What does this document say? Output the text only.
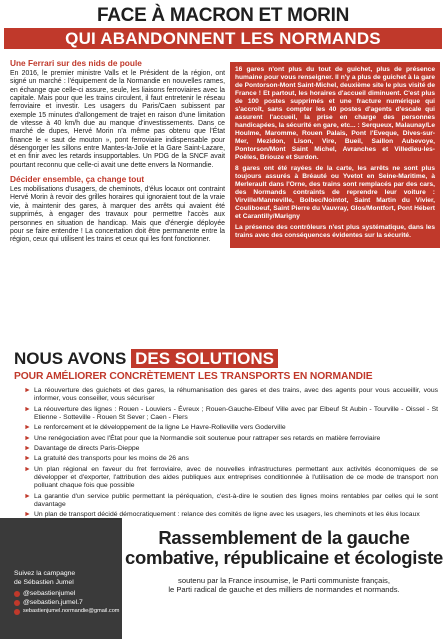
FACE À MACRON ET MORIN
QUI ABANDONNENT LES NORMANDS
Une Ferrari sur des nids de poule

En 2016, le premier ministre Valls et le Président de la région, ont signé un marché : l'équipement de la Normandie en nouvelles rames, en échange que celle-ci assure, seule, les liaisons ferroviaires avec la capitale. Mais pour que les trains circulent, il faut entretenir le réseau ferroviaire et investir. Les usagers du Paris/Caen subissent par exemple 15 minutes d'allongement de trajet en raison d'une limitation de vitesse à 40 km/h due au manque d'investissements. Dans ce marché de dupes, Hervé Morin n'a même pas obtenu que l'État finance le « saut de mouton », pont ferroviaire indispensable pour désengorger les sillons entre Mantes-la-Jolie et la Gare Saint-Lazare, et en finir avec les retards insupportables. Un PDG de la SNCF avait pourtant reconnu que celle-ci avait une dette envers la Normandie.

Décider ensemble, ça change tout

Les mobilisations d'usagers, de cheminots, d'élus locaux ont contraint Hervé Morin à revoir des grilles horaires qui ignoraient tout de la vraie vie, à maintenir des gares, à marquer des arrêts qui avaient été supprimés, à engager des travaux pour permettre l'accès aux personnes en situation de handicap. Mais que d'énergie déployée pour se faire entendre ! La concertation doit être permanente entre la région, ceux qui utilisent les trains et ceux qui les font fonctionner.

16 gares n'ont plus du tout de guichet, plus de présence humaine pour vous renseigner. Il n'y a plus de guichet à la gare de Pontorson-Mont Saint-Michel, deuxième site le plus visité de France ! Et partout, les horaires d'accueil diminuent. C'est plus de 100 postes supprimés et une fracture numérique qui s'accroît, sans compter les 40 postes d'agents d'escale qui assurent l'accueil, la prise en charge des personnes handicapées, la sécurité en gare, etc... : Serqueux, Malaunay/Le Houlme, Maromme, Rouen Palais, Pont l'Eveque, Dives-sur-Mer, Mezidon, Lison, Vire, Bueil, Saillon Aubevoye, Pontorson/Mont Saint Michel, Avranches et Villedieu-les-Poêles, Briouze et Surdon.

8 gares ont été rayées de la carte, les arrêts ne sont plus toujours assurés à Bréauté ou Yvetot en Seine-Maritime, à Merlerault dans l'Orne, des trains sont remplacés par des cars, des Normands contraints de reprendre leur voiture : Virville/Manneville, Bolbec/Nointot, Saint Martin du Vivier, Couliboeuf, Saint Pierre du Vauvray, Glos/Montfort, Pont Hébert et Carantilly/Marigny

La présence des contrôleurs n'est plus systématique, dans les trains avec des conséquences évidentes sur la sécurité.

NOUS AVONS DES SOLUTIONS
POUR AMÉLIORER CONCRÈTEMENT LES TRANSPORTS EN NORMANDIE
► La réouverture des guichets et des gares, la réhumanisation des gares et des trains, avec des agents pour vous accueillir, vous informer, vous conseiller, vous sécuriser
► La réouverture des lignes : Rouen - Louviers - Évreux ; Rouen-Gauche-Elbeuf Ville avec par Elbeuf St Aubin - Tourville - Oissel - St Etienne - Sotteville - Rouen St Sever ; Caen - Flers
► Le renforcement et le développement de la ligne Le Havre-Rolleville vers Goderville
► Une renégociation avec l'État pour que la Normandie soit soutenue pour rattraper ses retards en matière ferroviaire
► Davantage de directs Paris-Dieppe
► La gratuité des transports pour les moins de 26 ans
► Un plan régional en faveur du fret ferroviaire, avec de nouvelles infrastructures permettant aux activités économiques de se développer et d'exporter, l'attribution des aides publiques aux entreprises conditionnée à l'utilisation de ce mode de transport non polluant chaque fois que possible
► La garantie d'un service public permettant la péréquation, c'est-à-dire le soutien des lignes moins rentables par celles qui le sont davantage
► Un plan de transport décidé démocratiquement : relance des comités de ligne avec les usagers, les cheminots et les élus locaux
Suivez la campagne
de Sébastien Jumel
@sebastienjumel
@sebastien.jumel.7
sebastienjumel.normandie@gmail.com
Rassemblement de la gauche
combative, républicaine et écologiste
soutenu par la France insoumise, le Parti communiste français,
le Parti radical de gauche et des milliers de normandes et normands.
